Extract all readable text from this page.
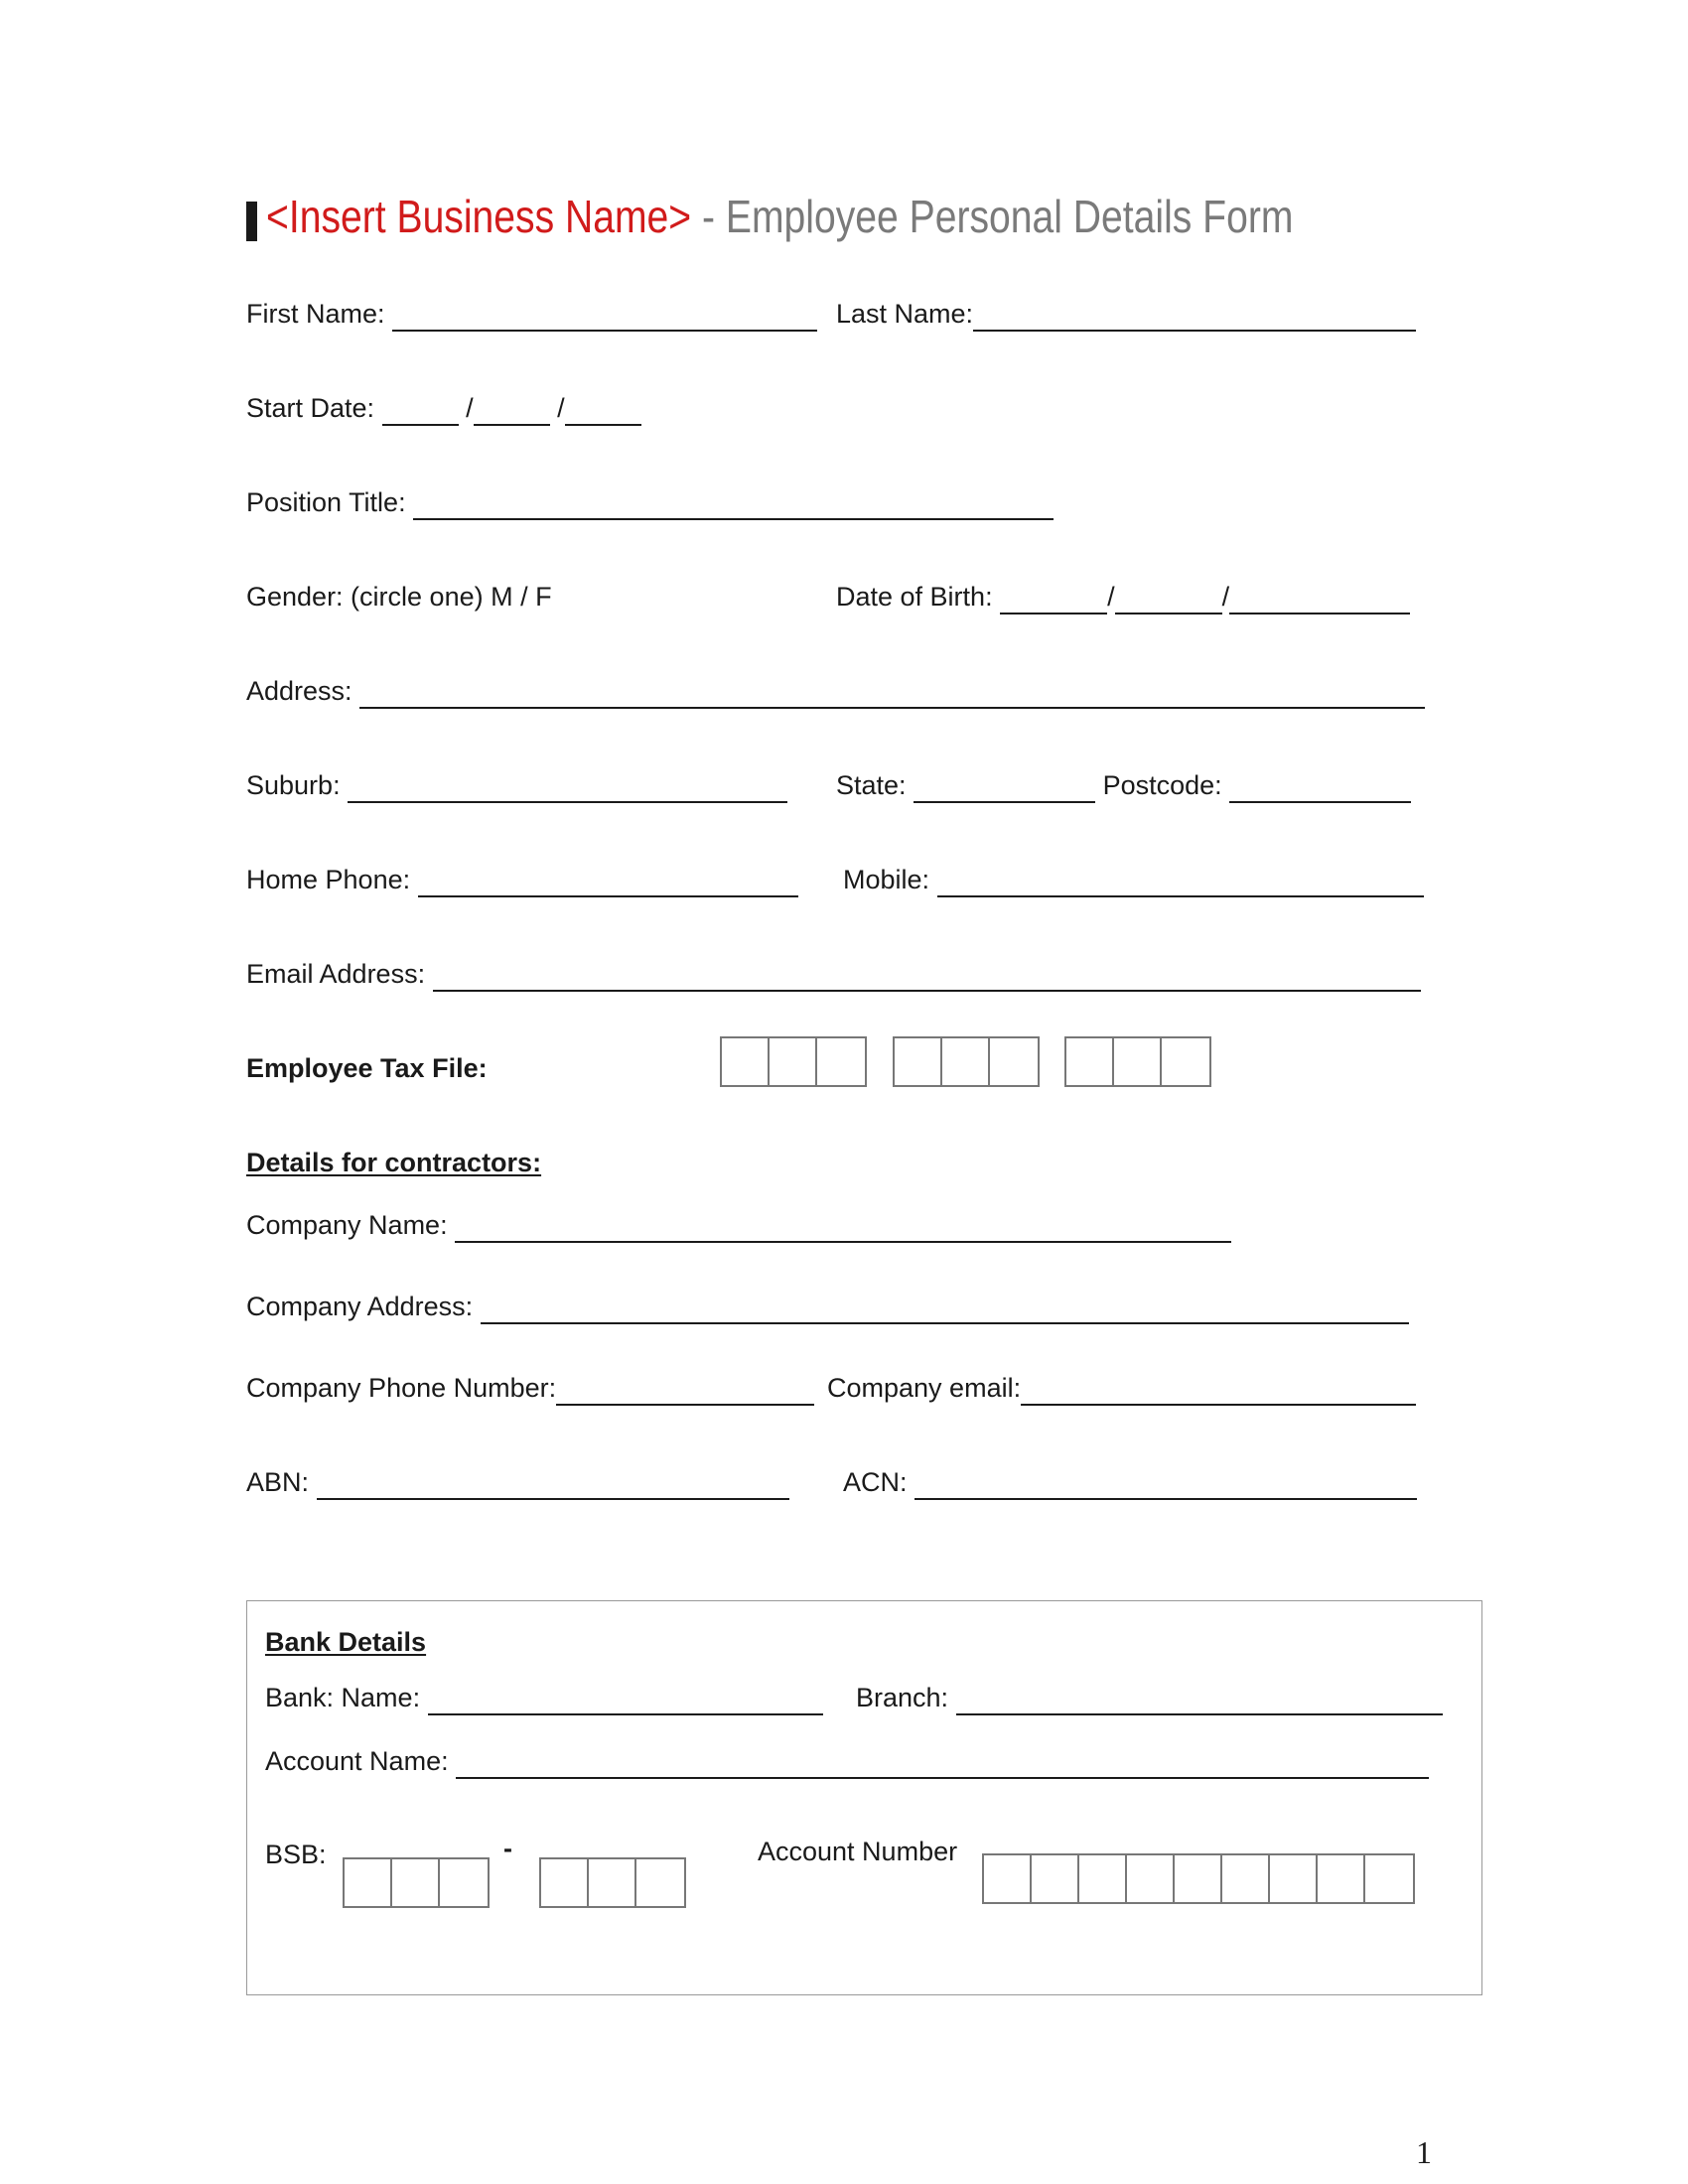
<Insert Business Name> - Employee Personal Details Form
First Name:	Last Name:
Start Date:	/	/
Position Title:
Gender: (circle one) M / F	Date of Birth:	/	/
Address:
Suburb:	State:	Postcode:
Home Phone:	Mobile:
Email Address:
Employee Tax File:
Details for contractors:
Company Name:
Company Address:
Company Phone Number:	Company email:
ABN:	ACN:
Bank Details
Bank: Name:	Branch:
Account Name:
BSB:	-	Account Number
1
